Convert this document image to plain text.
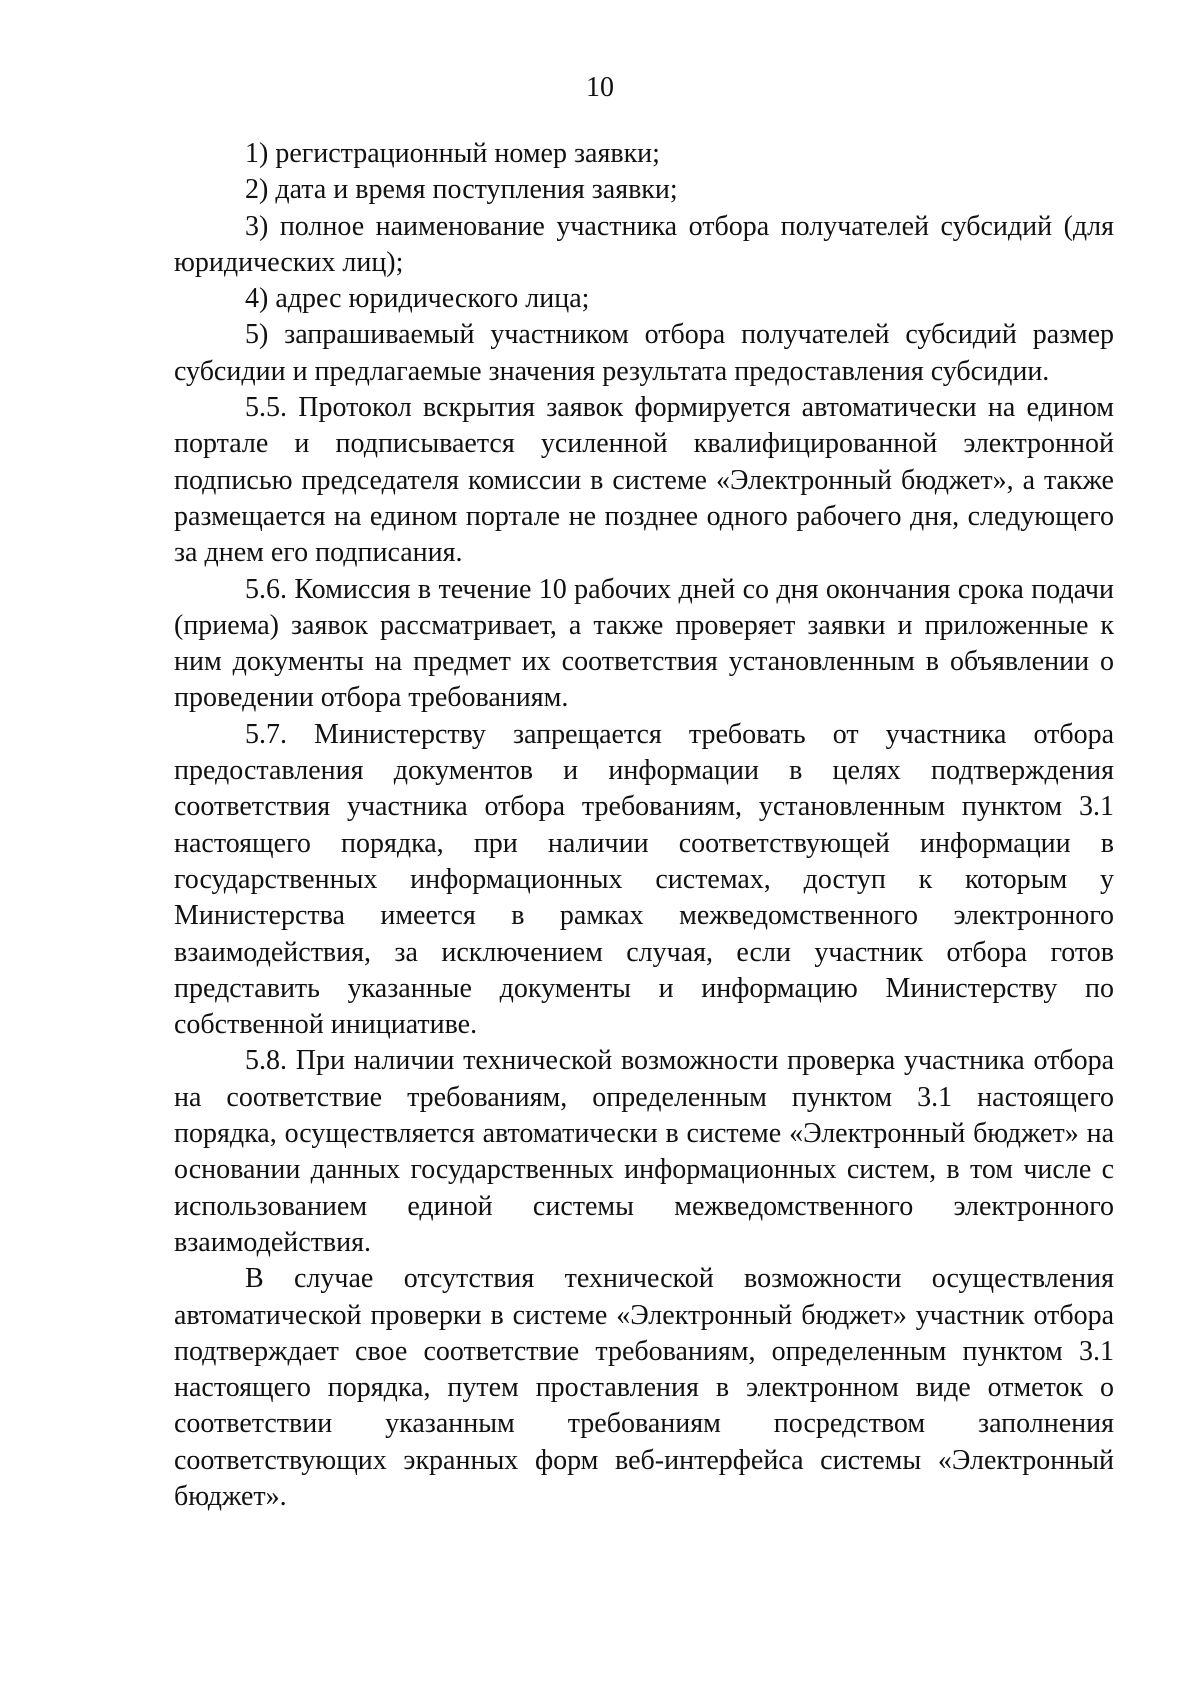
10

1) регистрационный номер заявки;

2) дата и время поступления заявки;

3) полное наименование участника отбора получателей субсидий (для юридических лиц);

4) адрес юридического лица;

5) запрашиваемый участником отбора получателей субсидий размер субсидии и предлагаемые значения результата предоставления субсидии.

5.5. Протокол вскрытия заявок формируется автоматически на едином портале и подписывается усиленной квалифицированной электронной подписью председателя комиссии в системе «Электронный бюджет», а также размещается на едином портале не позднее одного рабочего дня, следующего за днем его подписания.

5.6. Комиссия в течение 10 рабочих дней со дня окончания срока подачи (приема) заявок рассматривает, а также проверяет заявки и приложенные к ним документы на предмет их соответствия установленным в объявлении о проведении отбора требованиям.

5.7. Министерству запрещается требовать от участника отбора предоставления документов и информации в целях подтверждения соответствия участника отбора требованиям, установленным пунктом 3.1 настоящего порядка, при наличии соответствующей информации в государственных информационных системах, доступ к которым у Министерства имеется в рамках межведомственного электронного взаимодействия, за исключением случая, если участник отбора готов представить указанные документы и информацию Министерству по собственной инициативе.

5.8. При наличии технической возможности проверка участника отбора на соответствие требованиям, определенным пунктом 3.1 настоящего порядка, осуществляется автоматически в системе «Электронный бюджет» на основании данных государственных информационных систем, в том числе с использованием единой системы межведомственного электронного взаимодействия.

В случае отсутствия технической возможности осуществления автоматической проверки в системе «Электронный бюджет» участник отбора подтверждает свое соответствие требованиям, определенным пунктом 3.1 настоящего порядка, путем проставления в электронном виде отметок о соответствии указанным требованиям посредством заполнения соответствующих экранных форм веб-интерфейса системы «Электронный бюджет».
